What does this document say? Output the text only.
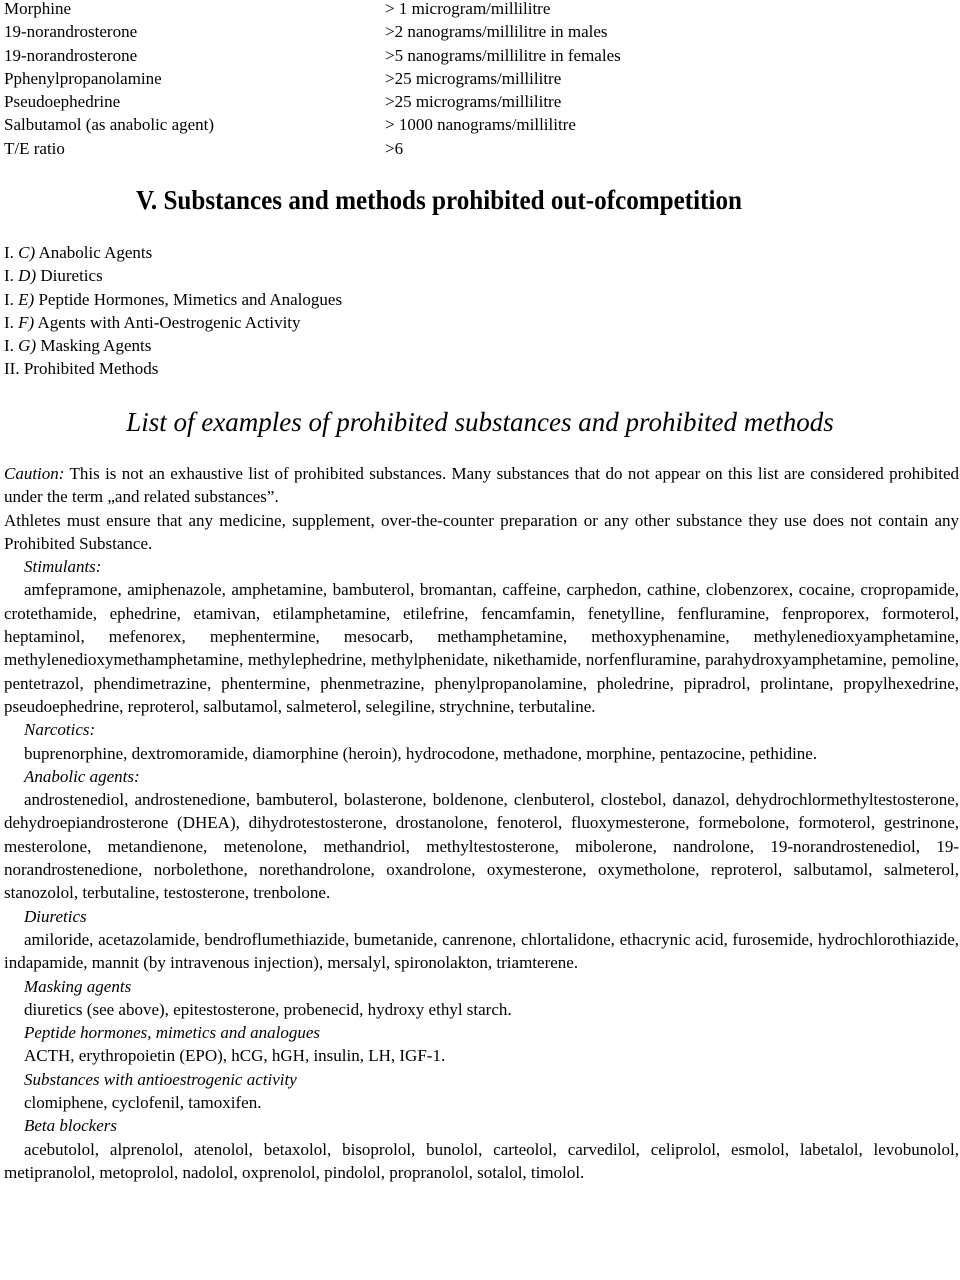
Morphine	> 1 microgram/millilitre
19-norandrosterone	>2 nanograms/millilitre in males
19-norandrosterone	>5 nanograms/millilitre in females
Pphenylpropanolamine	>25 micrograms/millilitre
Pseudoephedrine	>25 micrograms/millilitre
Salbutamol (as anabolic agent)	> 1000 nanograms/millilitre
T/E ratio	>6
V. Substances and methods prohibited out-ofcompetition
I. C) Anabolic Agents
I. D) Diuretics
I. E) Peptide Hormones, Mimetics and Analogues
I. F) Agents with Anti-Oestrogenic Activity
I. G) Masking Agents
II. Prohibited Methods
List of examples of prohibited substances and prohibited methods

Caution: This is not an exhaustive list of prohibited substances. Many substances that do not appear on this list are considered prohibited under the term „and related substances”.

Athletes must ensure that any medicine, supplement, over-the-counter preparation or any other substance they use does not contain any Prohibited Substance.

Stimulants:

amfepramone, amiphenazole, amphetamine, bambuterol, bromantan, caffeine, carphedon, cathine, clobenzorex, cocaine, cropropamide, crotethamide, ephedrine, etamivan, etilamphetamine, etilefrine, fencamfamin, fenetylline, fenfluramine, fenproporex, formoterol, heptaminol, mefenorex, mephentermine, mesocarb, methamphetamine, methoxyphenamine, methylenedioxyamphetamine, methylenedioxymethamphetamine, methylephedrine, methylphenidate, nikethamide, norfenfluramine, parahydroxyamphetamine, pemoline, pentetrazol, phendimetrazine, phentermine, phenmetrazine, phenylpropanolamine, pholedrine, pipradrol, prolintane, propylhexedrine, pseudoephedrine, reproterol, salbutamol, salmeterol, selegiline, strychnine, terbutaline.

Narcotics:

buprenorphine, dextromoramide, diamorphine (heroin), hydrocodone, methadone, morphine, pentazocine, pethidine.

Anabolic agents:

androstenediol, androstenedione, bambuterol, bolasterone, boldenone, clenbuterol, clostebol, danazol, dehydrochlormethyltestosterone, dehydroepiandrosterone (DHEA), dihydrotestosterone, drostanolone, fenoterol, fluoxymesterone, formebolone, formoterol, gestrinone, mesterolone, metandienone, metenolone, methandriol, methyltestosterone, mibolerone, nandrolone, 19-norandrostenediol, 19-norandrostenedione, norbolethone, norethandrolone, oxandrolone, oxymesterone, oxymetholone, reproterol, salbutamol, salmeterol, stanozolol, terbutaline, testosterone, trenbolone.

Diuretics

amiloride, acetazolamide, bendroflumethiazide, bumetanide, canrenone, chlortalidone, ethacrynic acid, furosemide, hydrochlorothiazide, indapamide, mannit (by intravenous injection), mersalyl, spironolakton, triamterene.

Masking agents

diuretics (see above), epitestosterone, probenecid, hydroxy ethyl starch.

Peptide hormones, mimetics and analogues

ACTH, erythropoietin (EPO), hCG, hGH, insulin, LH, IGF-1.

Substances with antioestrogenic activity

clomiphene, cyclofenil, tamoxifen.

Beta blockers

acebutolol, alprenolol, atenolol, betaxolol, bisoprolol, bunolol, carteolol, carvedilol, celiprolol, esmolol, labetalol, levobunolol, metipranolol, metoprolol, nadolol, oxprenolol, pindolol, propranolol, sotalol, timolol.
